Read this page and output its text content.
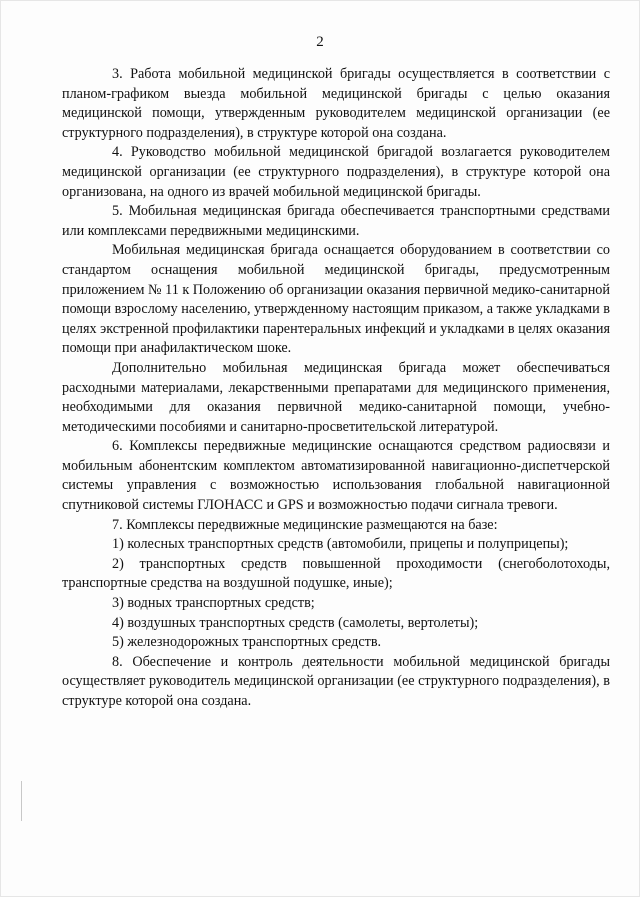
2

3. Работа мобильной медицинской бригады осуществляется в соответствии с планом-графиком выезда мобильной медицинской бригады с целью оказания медицинской помощи, утвержденным руководителем медицинской организации (ее структурного подразделения), в структуре которой она создана.

4. Руководство мобильной медицинской бригадой возлагается руководителем медицинской организации (ее структурного подразделения), в структуре которой она организована, на одного из врачей мобильной медицинской бригады.

5. Мобильная медицинская бригада обеспечивается транспортными средствами или комплексами передвижными медицинскими.

Мобильная медицинская бригада оснащается оборудованием в соответствии со стандартом оснащения мобильной медицинской бригады, предусмотренным приложением № 11 к Положению об организации оказания первичной медико-санитарной помощи взрослому населению, утвержденному настоящим приказом, а также укладками в целях экстренной профилактики парентеральных инфекций и укладками в целях оказания помощи при анафилактическом шоке.

Дополнительно мобильная медицинская бригада может обеспечиваться расходными материалами, лекарственными препаратами для медицинского применения, необходимыми для оказания первичной медико-санитарной помощи, учебно-методическими пособиями и санитарно-просветительской литературой.

6. Комплексы передвижные медицинские оснащаются средством радиосвязи и мобильным абонентским комплектом автоматизированной навигационно-диспетчерской системы управления с возможностью использования глобальной навигационной спутниковой системы ГЛОНАСС и GPS и возможностью подачи сигнала тревоги.

7. Комплексы передвижные медицинские размещаются на базе:

1) колесных транспортных средств (автомобили, прицепы и полуприцепы);

2) транспортных средств повышенной проходимости (снегоболотоходы, транспортные средства на воздушной подушке, иные);

3) водных транспортных средств;

4) воздушных транспортных средств (самолеты, вертолеты);

5) железнодорожных транспортных средств.

8. Обеспечение и контроль деятельности мобильной медицинской бригады осуществляет руководитель медицинской организации (ее структурного подразделения), в структуре которой она создана.
